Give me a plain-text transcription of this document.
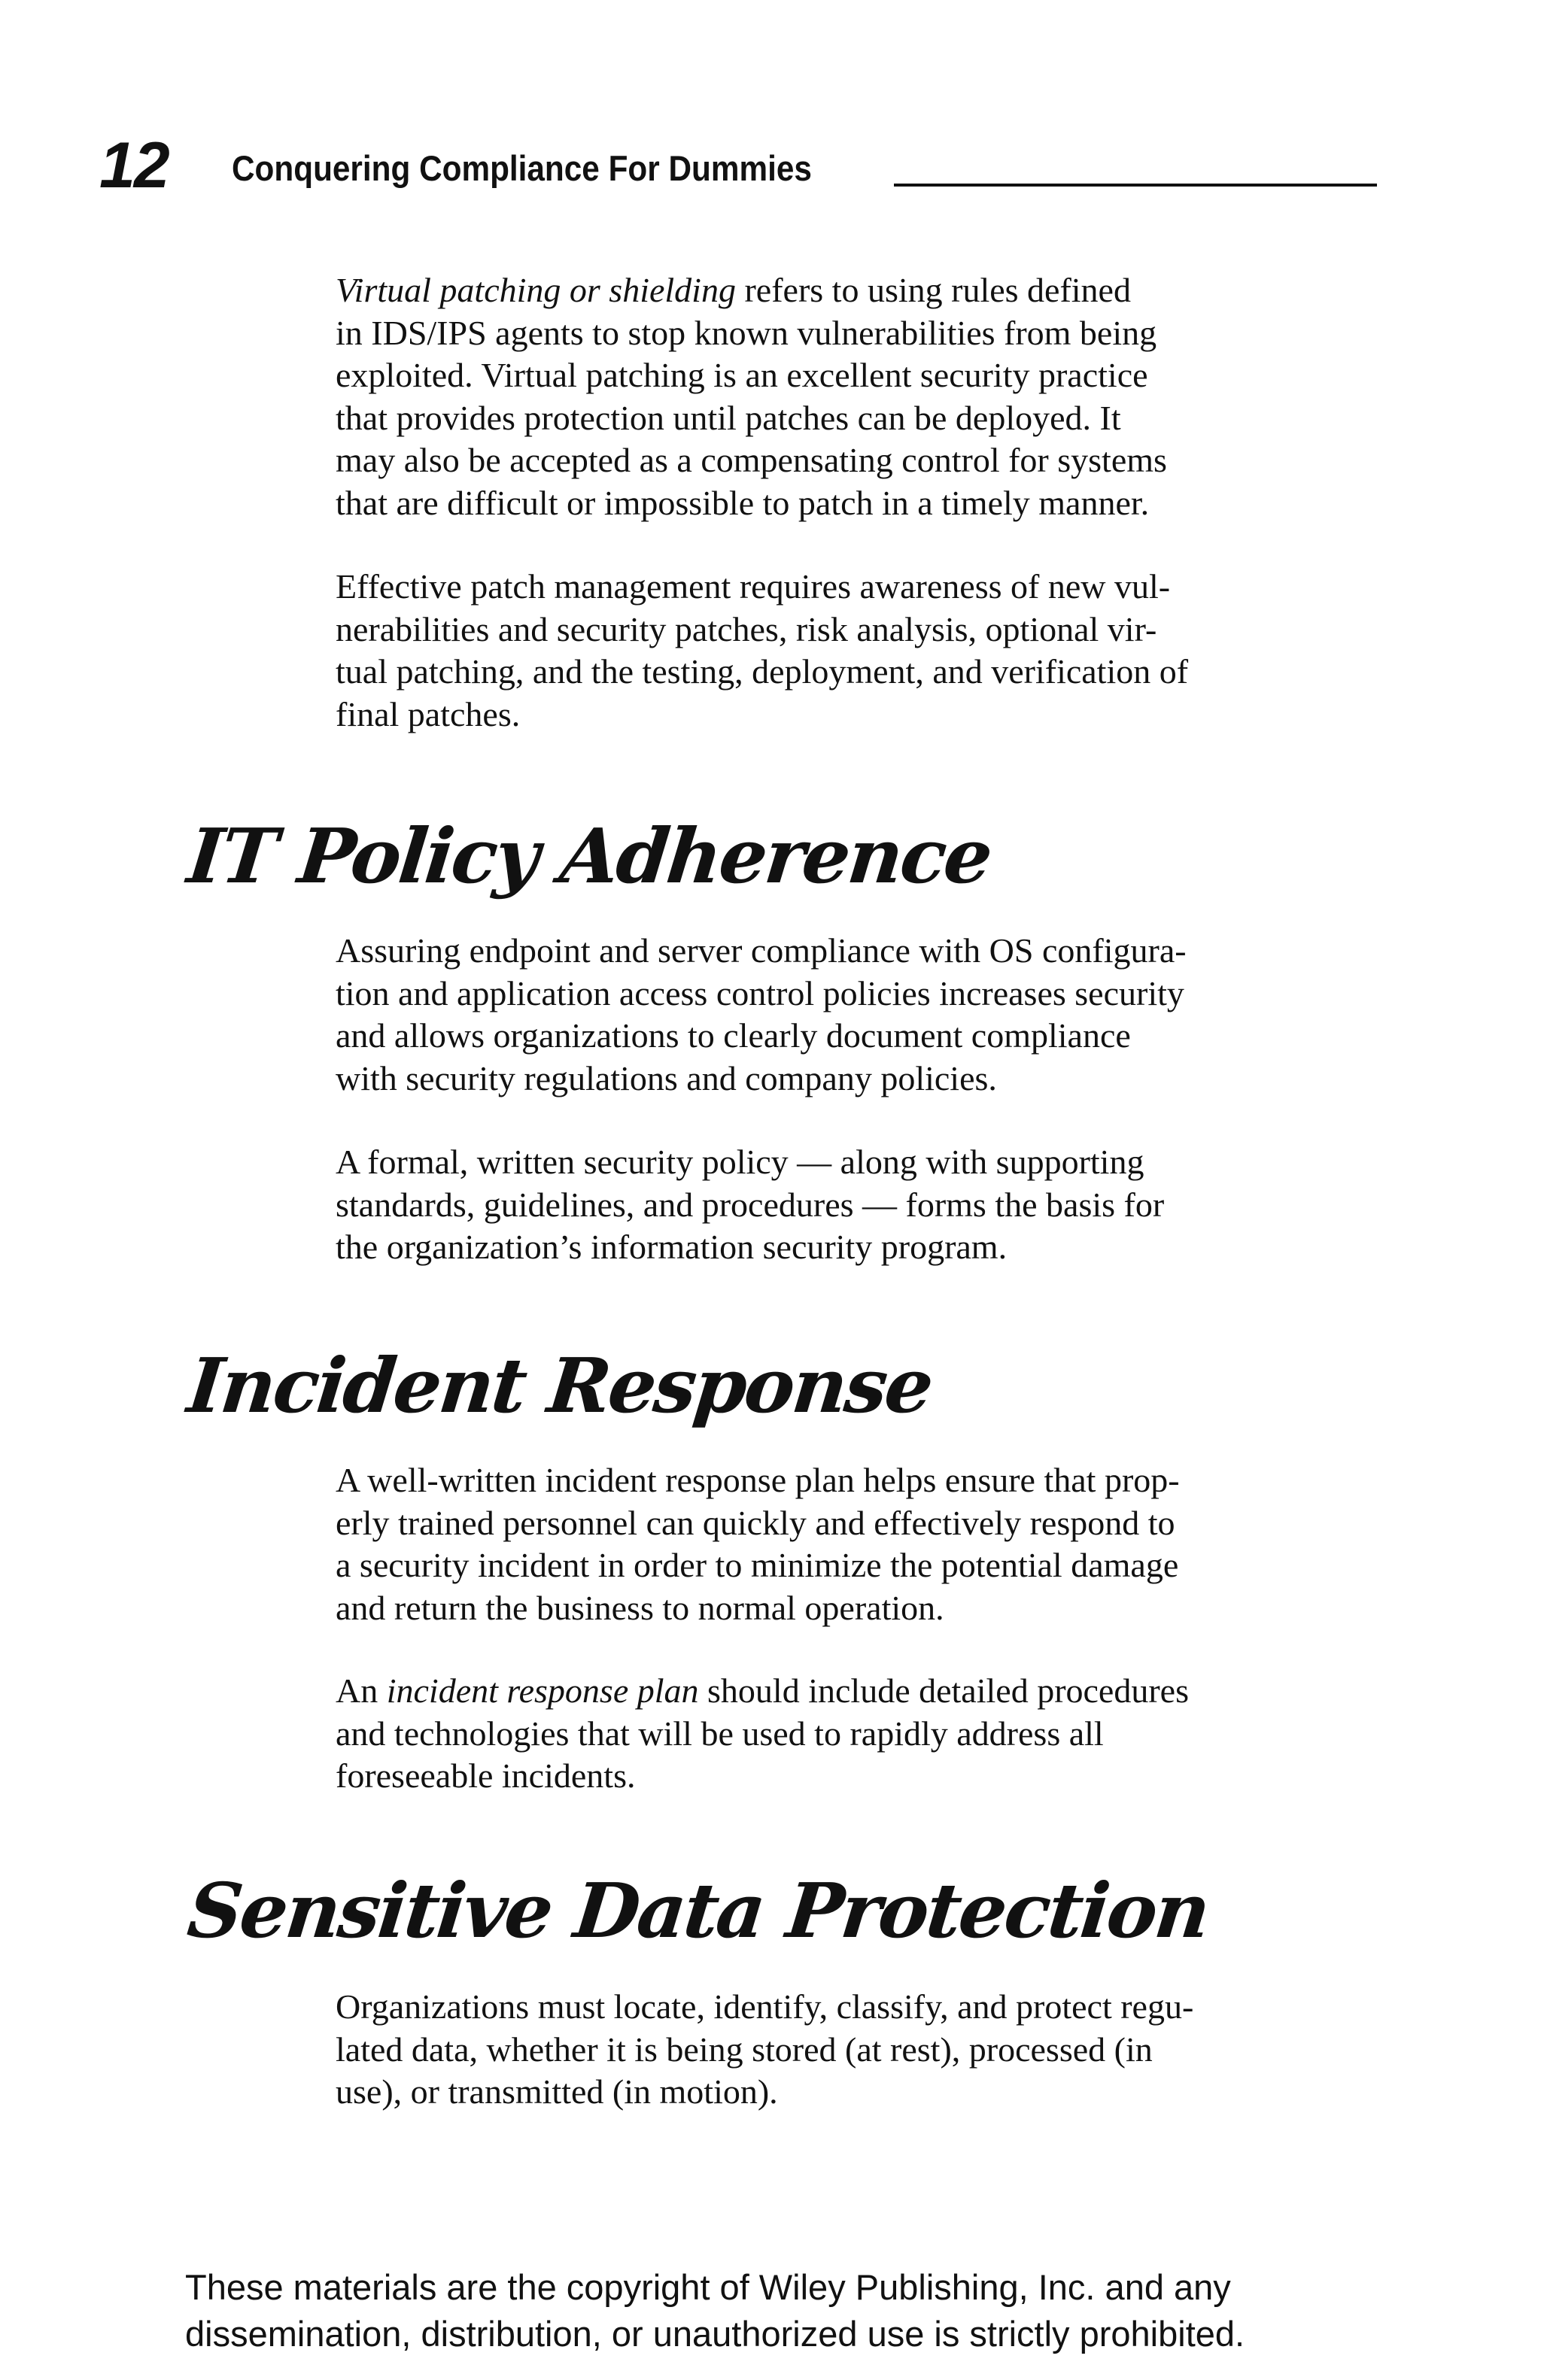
12 Conquering Compliance For Dummies

Virtual patching or shielding refers to using rules defined
in IDS/IPS agents to stop known vulnerabilities from being
exploited. Virtual patching is an excellent security practice
that provides protection until patches can be deployed. It
may also be accepted as a compensating control for systems
that are difficult or impossible to patch in a timely manner.

Effective patch management requires awareness of new vul-
nerabilities and security patches, risk analysis, optional vir-
tual patching, and the testing, deployment, and verification of
final patches.

IT Policy Adherence

Assuring endpoint and server compliance with OS configura-
tion and application access control policies increases security
and allows organizations to clearly document compliance
with security regulations and company policies.

A formal, written security policy — along with supporting
standards, guidelines, and procedures — forms the basis for
the organization’s information security program.

Incident Response

A well-written incident response plan helps ensure that prop-
erly trained personnel can quickly and effectively respond to
a security incident in order to minimize the potential damage
and return the business to normal operation.

An incident response plan should include detailed procedures
and technologies that will be used to rapidly address all
foreseeable incidents.

Sensitive Data Protection

Organizations must locate, identify, classify, and protect regu-
lated data, whether it is being stored (at rest), processed (in
use), or transmitted (in motion).

These materials are the copyright of Wiley Publishing, Inc. and any
dissemination, distribution, or unauthorized use is strictly prohibited.
